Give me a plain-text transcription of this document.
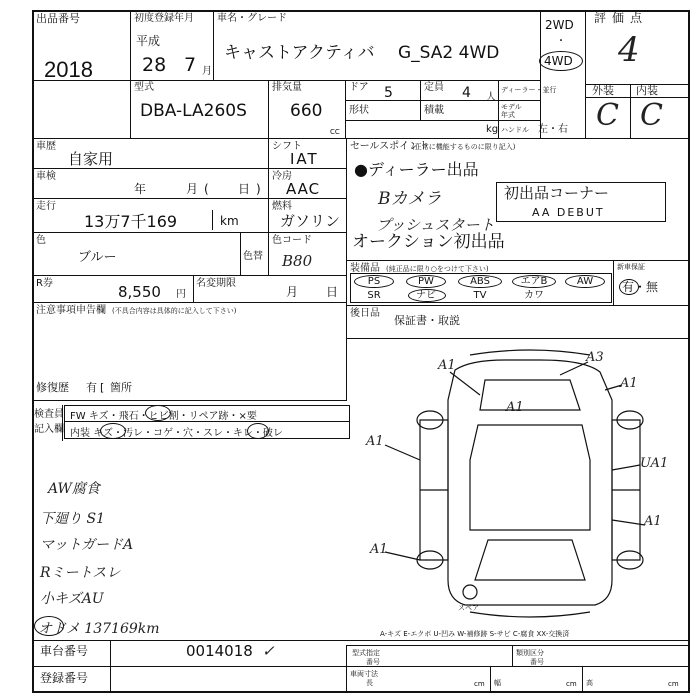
出品番号
2018
初度登録年月
平成
28 7 月
車名・グレード
キャストアクティバ G_SA2 4WD
2WD
・
4WD
評価点
4
外装 内装
C C
型式
DBA-LA260S
排気量
660
CC
ドア 5	定員 4 人
ディーラー・並行
形状	積載
kg
モデル年式
ハンドル 左・右
車歴
自家用
シフト
IAT
車検
年	月 ( 日 )
冷房
AAC
走行
13万7千169	km
燃料
ガソリン
色
ブルー	色替
色コード
B80
R券	8,550 円
名変期限
月 日
注意事項申告欄 (不具合内容は具体的に記入して下さい)
修復歴 有 [ 箇所
検査員
記入欄
FW キズ・飛石・ヒビ割・リペア跡・×要
内装 キズ・汚レ・コゲ・穴・スレ・キレ・破レ
AW腐食
下廻り S1
マットガードA
Rミートスレ
小キズAU
オドメ 137169km
セールスポイント
(正常に機能するものに限り記入)
●ディーラー出品
Bカメラ	初出品コーナー
AA DEBUT
プッシュスタート
オークション初出品
装備品 (純正品に限り○をつけて下さい)
PS	PW	ABS	エアB	AW
SR	ナビ	TV	カワ
新車保証
有・無
後日品
保証書・取説
A1
A3
A1
A1
A1
UA1
A1
A1
スペア
A-キズ E-エクボ U-凹み W-補修跡 S-サビ C-腐食 XX-交換済
車台番号	0014018 ✓
登録番号
型式指定
番号
類別区分
番号
車両寸法
長	cm 幅	cm 高	cm
